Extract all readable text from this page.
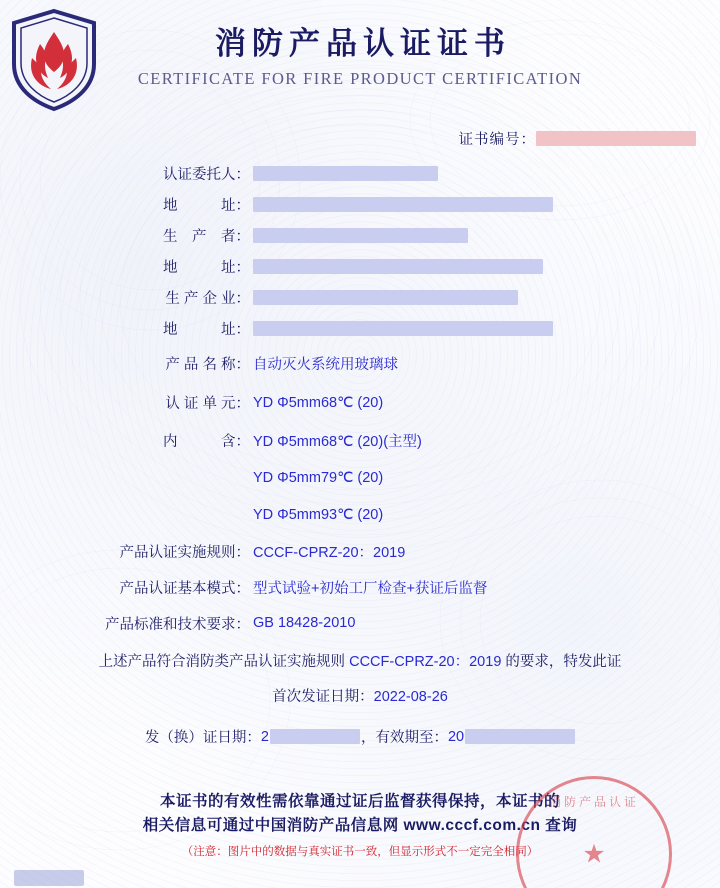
消防产品认证证书
CERTIFICATE FOR FIRE PRODUCT CERTIFICATION
证书编号：
认证委托人：
地　　　址：
生　产　者：
地　　　址：
生 产 企 业：
地　　　址：
产 品 名 称： 自动灭火系统用玻璃球
认 证 单 元： YD Φ5mm68℃ (20)
内　　　含： YD Φ5mm68℃ (20)(主型)
YD Φ5mm79℃ (20)
YD Φ5mm93℃ (20)
产品认证实施规则： CCCF-CPRZ-20：2019
产品认证基本模式： 型式试验+初始工厂检查+获证后监督
产品标准和技术要求： GB 18428-2010
上述产品符合消防类产品认证实施规则 CCCF-CPRZ-20：2019 的要求，特发此证
首次发证日期：2022-08-26
发（换）证日期： 2	，有效期至： 20
本证书的有效性需依靠通过证后监督获得保持，本证书的
相关信息可通过中国消防产品信息网 www.cccf.com.cn 查询
（注意：图片中的数据与真实证书一致，但显示形式不一定完全相同）
消防产品认证
★
